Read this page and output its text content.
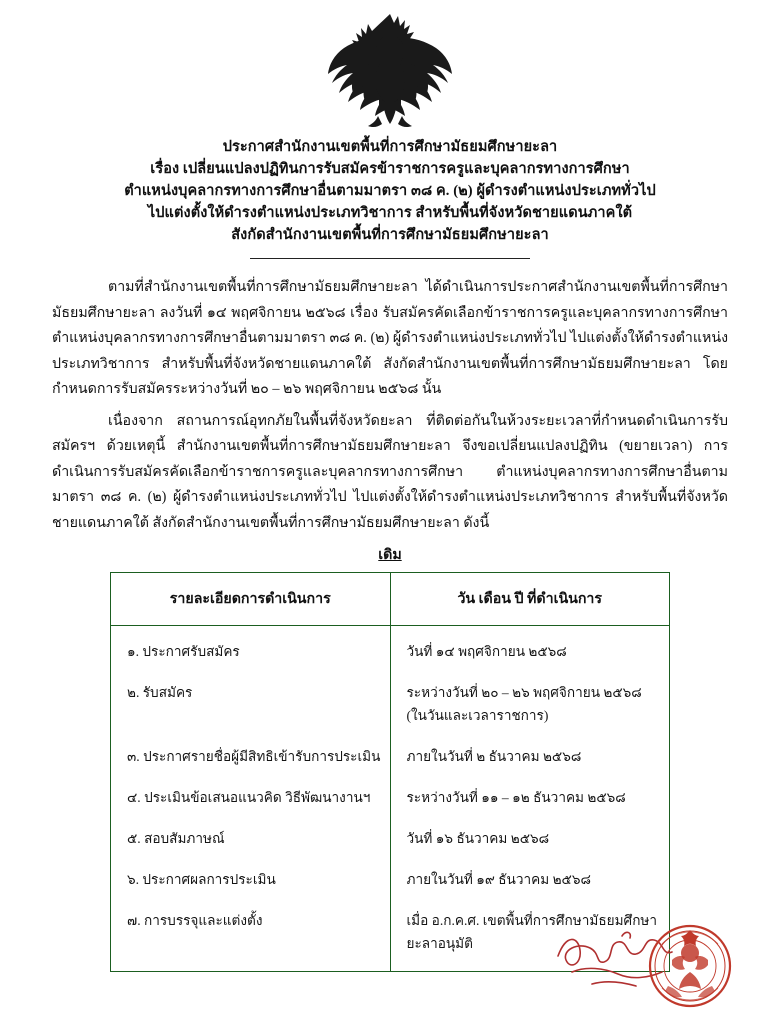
ประกาศสำนักงานเขตพื้นที่การศึกษามัธยมศึกษายะลา
เรื่อง เปลี่ยนแปลงปฏิทินการรับสมัครข้าราชการครูและบุคลากรทางการศึกษา
ตำแหน่งบุคลากรทางการศึกษาอื่นตามมาตรา ๓๘ ค. (๒) ผู้ดำรงตำแหน่งประเภททั่วไป
ไปแต่งตั้งให้ดำรงตำแหน่งประเภทวิชาการ สำหรับพื้นที่จังหวัดชายแดนภาคใต้
สังกัดสำนักงานเขตพื้นที่การศึกษามัธยมศึกษายะลา

ตามที่สำนักงานเขตพื้นที่การศึกษามัธยมศึกษายะลา ได้ดำเนินการประกาศสำนักงานเขตพื้นที่การศึกษามัธยมศึกษายะลา ลงวันที่ ๑๔ พฤศจิกายน ๒๕๖๘ เรื่อง รับสมัครคัดเลือกข้าราชการครูและบุคลากรทางการศึกษา ตำแหน่งบุคลากรทางการศึกษาอื่นตามมาตรา ๓๘ ค. (๒) ผู้ดำรงตำแหน่งประเภททั่วไป ไปแต่งตั้งให้ดำรงตำแหน่งประเภทวิชาการ สำหรับพื้นที่จังหวัดชายแดนภาคใต้ สังกัดสำนักงานเขตพื้นที่การศึกษามัธยมศึกษายะลา โดยกำหนดการรับสมัครระหว่างวันที่ ๒๐ – ๒๖ พฤศจิกายน ๒๕๖๘ นั้น

เนื่องจาก สถานการณ์อุทกภัยในพื้นที่จังหวัดยะลา ที่ติดต่อกันในห้วงระยะเวลาที่กำหนดดำเนินการรับสมัครฯ ด้วยเหตุนี้ สำนักงานเขตพื้นที่การศึกษามัธยมศึกษายะลา จึงขอเปลี่ยนแปลงปฏิทิน (ขยายเวลา) การดำเนินการรับสมัครคัดเลือกข้าราชการครูและบุคลากรทางการศึกษา ตำแหน่งบุคลากรทางการศึกษาอื่นตามมาตรา ๓๘ ค. (๒) ผู้ดำรงตำแหน่งประเภททั่วไป ไปแต่งตั้งให้ดำรงตำแหน่งประเภทวิชาการ สำหรับพื้นที่จังหวัดชายแดนภาคใต้ สังกัดสำนักงานเขตพื้นที่การศึกษามัธยมศึกษายะลา ดังนี้

เดิม
รายละเอียดการดำเนินการ	วัน เดือน ปี ที่ดำเนินการ
๑. ประกาศรับสมัคร	วันที่ ๑๔ พฤศจิกายน ๒๕๖๘

๒. รับสมัคร	ระหว่างวันที่ ๒๐ – ๒๖ พฤศจิกายน ๒๕๖๘
(ในวันและเวลาราชการ)

๓. ประกาศรายชื่อผู้มีสิทธิเข้ารับการประเมิน	ภายในวันที่ ๒ ธันวาคม ๒๕๖๘

๔. ประเมินข้อเสนอแนวคิด วิธีพัฒนางานฯ	ระหว่างวันที่ ๑๑ – ๑๒ ธันวาคม ๒๕๖๘

๕. สอบสัมภาษณ์	วันที่ ๑๖ ธันวาคม ๒๕๖๘

๖. ประกาศผลการประเมิน	ภายในวันที่ ๑๙ ธันวาคม ๒๕๖๘

๗. การบรรจุและแต่งตั้ง	เมื่อ อ.ก.ค.ศ. เขตพื้นที่การศึกษามัธยมศึกษายะลาอนุมัติ
